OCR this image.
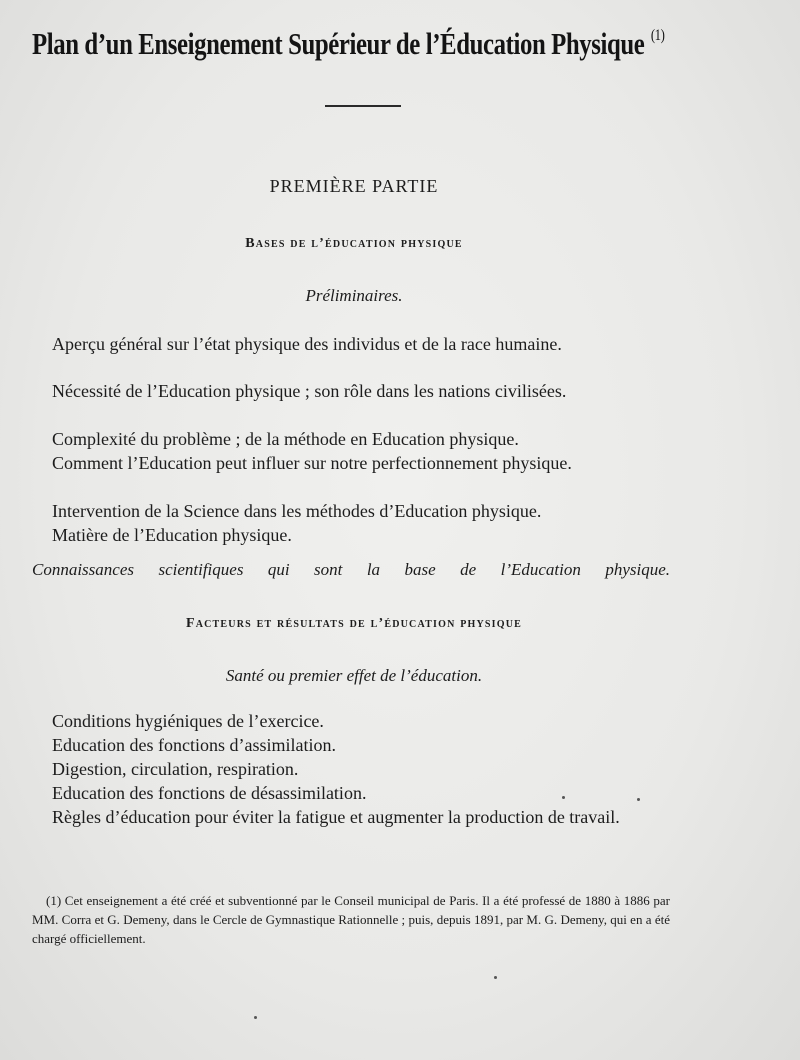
Plan d’un Enseignement Supérieur de l’Éducation Physique $^{(1)}$
PREMIÈRE PARTIE
Bases de l’éducation physique
Préliminaires.
Aperçu général sur l’état physique des individus et de la race humaine.
Nécessité de l’Education physique ; son rôle dans les nations civilisées.
Complexité du problème ; de la méthode en Education physique.
Comment l’Education peut influer sur notre perfectionnement physique.
Intervention de la Science dans les méthodes d’Education physique.
Matière de l’Education physique.
Connaissances scientifiques qui sont la base de l’Education physique.
Facteurs et résultats de l’éducation physique
Santé ou premier effet de l’éducation.
Conditions hygiéniques de l’exercice.
Education des fonctions d’assimilation.
Digestion, circulation, respiration.
Education des fonctions de désassimilation.
Règles d’éducation pour éviter la fatigue et augmenter la production de travail.
(1) Cet enseignement a été créé et subventionné par le Conseil municipal de Paris. Il a été professé de 1880 à 1886 par MM. Corra et G. Demeny, dans le Cercle de Gymnastique Rationnelle ; puis, depuis 1891, par M. G. Demeny, qui en a été chargé officiellement.
